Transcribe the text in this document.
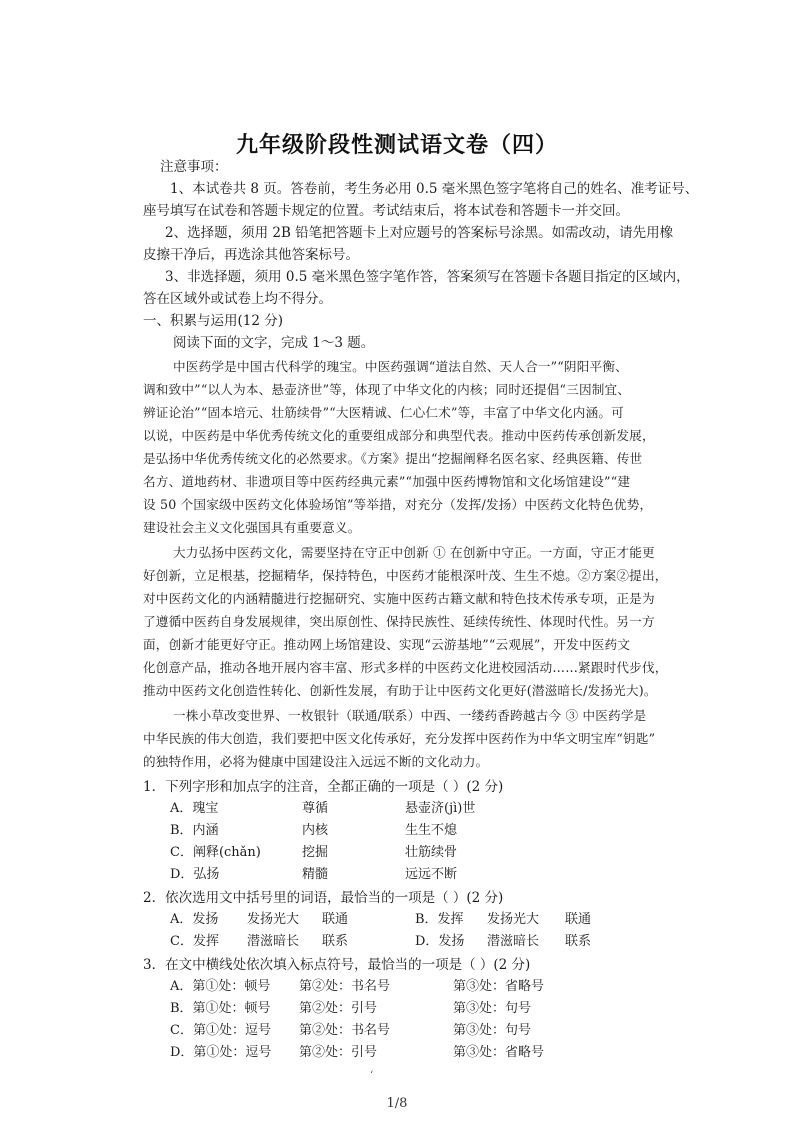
九年级阶段性测试语文卷（四）
注意事项：
1、本试卷共 8 页。答卷前，考生务必用 0.5 毫米黑色签字笔将自己的姓名、准考证号、
座号填写在试卷和答题卡规定的位置。考试结束后，将本试卷和答题卡一并交回。
2、选择题，须用 2B 铅笔把答题卡上对应题号的答案标号涂黑。如需改动，请先用橡
皮擦干净后，再选涂其他答案标号。
3、非选择题，须用 0.5 毫米黑色签字笔作答，答案须写在答题卡各题目指定的区域内，
答在区域外或试卷上均不得分。
一、积累与运用(12 分)
阅读下面的文字，完成 1～3 题。
中医药学是中国古代科学的瑰宝。中医药强调“道法自然、天人合一”“阴阳平衡、
调和致中”“以人为本、悬壶济世”等，体现了中华文化的内核；同时还提倡“三因制宜、
辨证论治”“固本培元、壮筋续骨”“大医精诚、仁心仁术”等，丰富了中华文化内涵。可
以说，中医药是中华优秀传统文化的重要组成部分和典型代表。推动中医药传承创新发展，
是弘扬中华优秀传统文化的必然要求。《方案》提出“挖掘阐释名医名家、经典医籍、传世
名方、道地药材、非遗项目等中医药经典元素”“加强中医药博物馆和文化场馆建设”“建
设 50 个国家级中医药文化体验场馆”等举措，对充分（发挥/发扬）中医药文化特色优势，
建设社会主义文化强国具有重要意义。
大力弘扬中医药文化，需要坚持在守正中创新 ① 在创新中守正。一方面，守正才能更
好创新，立足根基，挖掘精华，保持特色，中医药才能根深叶茂、生生不熄。②方案②提出，
对中医药文化的内涵精髓进行挖掘研究、实施中医药古籍文献和特色技术传承专项，正是为
了遵循中医药自身发展规律，突出原创性、保持民族性、延续传统性、体现时代性。另一方
面，创新才能更好守正。推动网上场馆建设、实现“云游基地”“云观展”，开发中医药文
化创意产品，推动各地开展内容丰富、形式多样的中医药文化进校园活动……紧跟时代步伐，
推动中医药文化创造性转化、创新性发展，有助于让中医药文化更好(潜滋暗长/发扬光大)。
一株小草改变世界、一枚银针（联通/联系）中西、一缕药香跨越古今 ③ 中医药学是
中华民族的伟大创造，我们要把中医文化传承好，充分发挥中医药作为中华文明宝库“钥匙”
的独特作用，必将为健康中国建设注入远远不断的文化动力。
1．下列字形和加点字的注音，全都正确的一项是（ ）(2 分)
A．瑰宝	尊循	悬壶济(jì)世
B．内涵	内核	生生不熄
C．阐释(chǎn)	挖掘	壮筋续骨
D．弘扬	精髓	远远不断
2．依次选用文中括号里的词语，最恰当的一项是（ ）(2 分)
A．发扬 发扬光大 联通	B．发挥 发扬光大 联通
C．发挥 潜滋暗长 联系	D．发扬 潜滋暗长 联系
3．在文中横线处依次填入标点符号，最恰当的一项是（ ）(2 分)
A．第①处：顿号 第②处：书名号	第③处：省略号
B．第①处：顿号 第②处：引号	第③处：句号
C．第①处：逗号 第②处：书名号	第③处：句号
D．第①处：逗号 第②处：引号	第③处：省略号
ʻ
1/8
